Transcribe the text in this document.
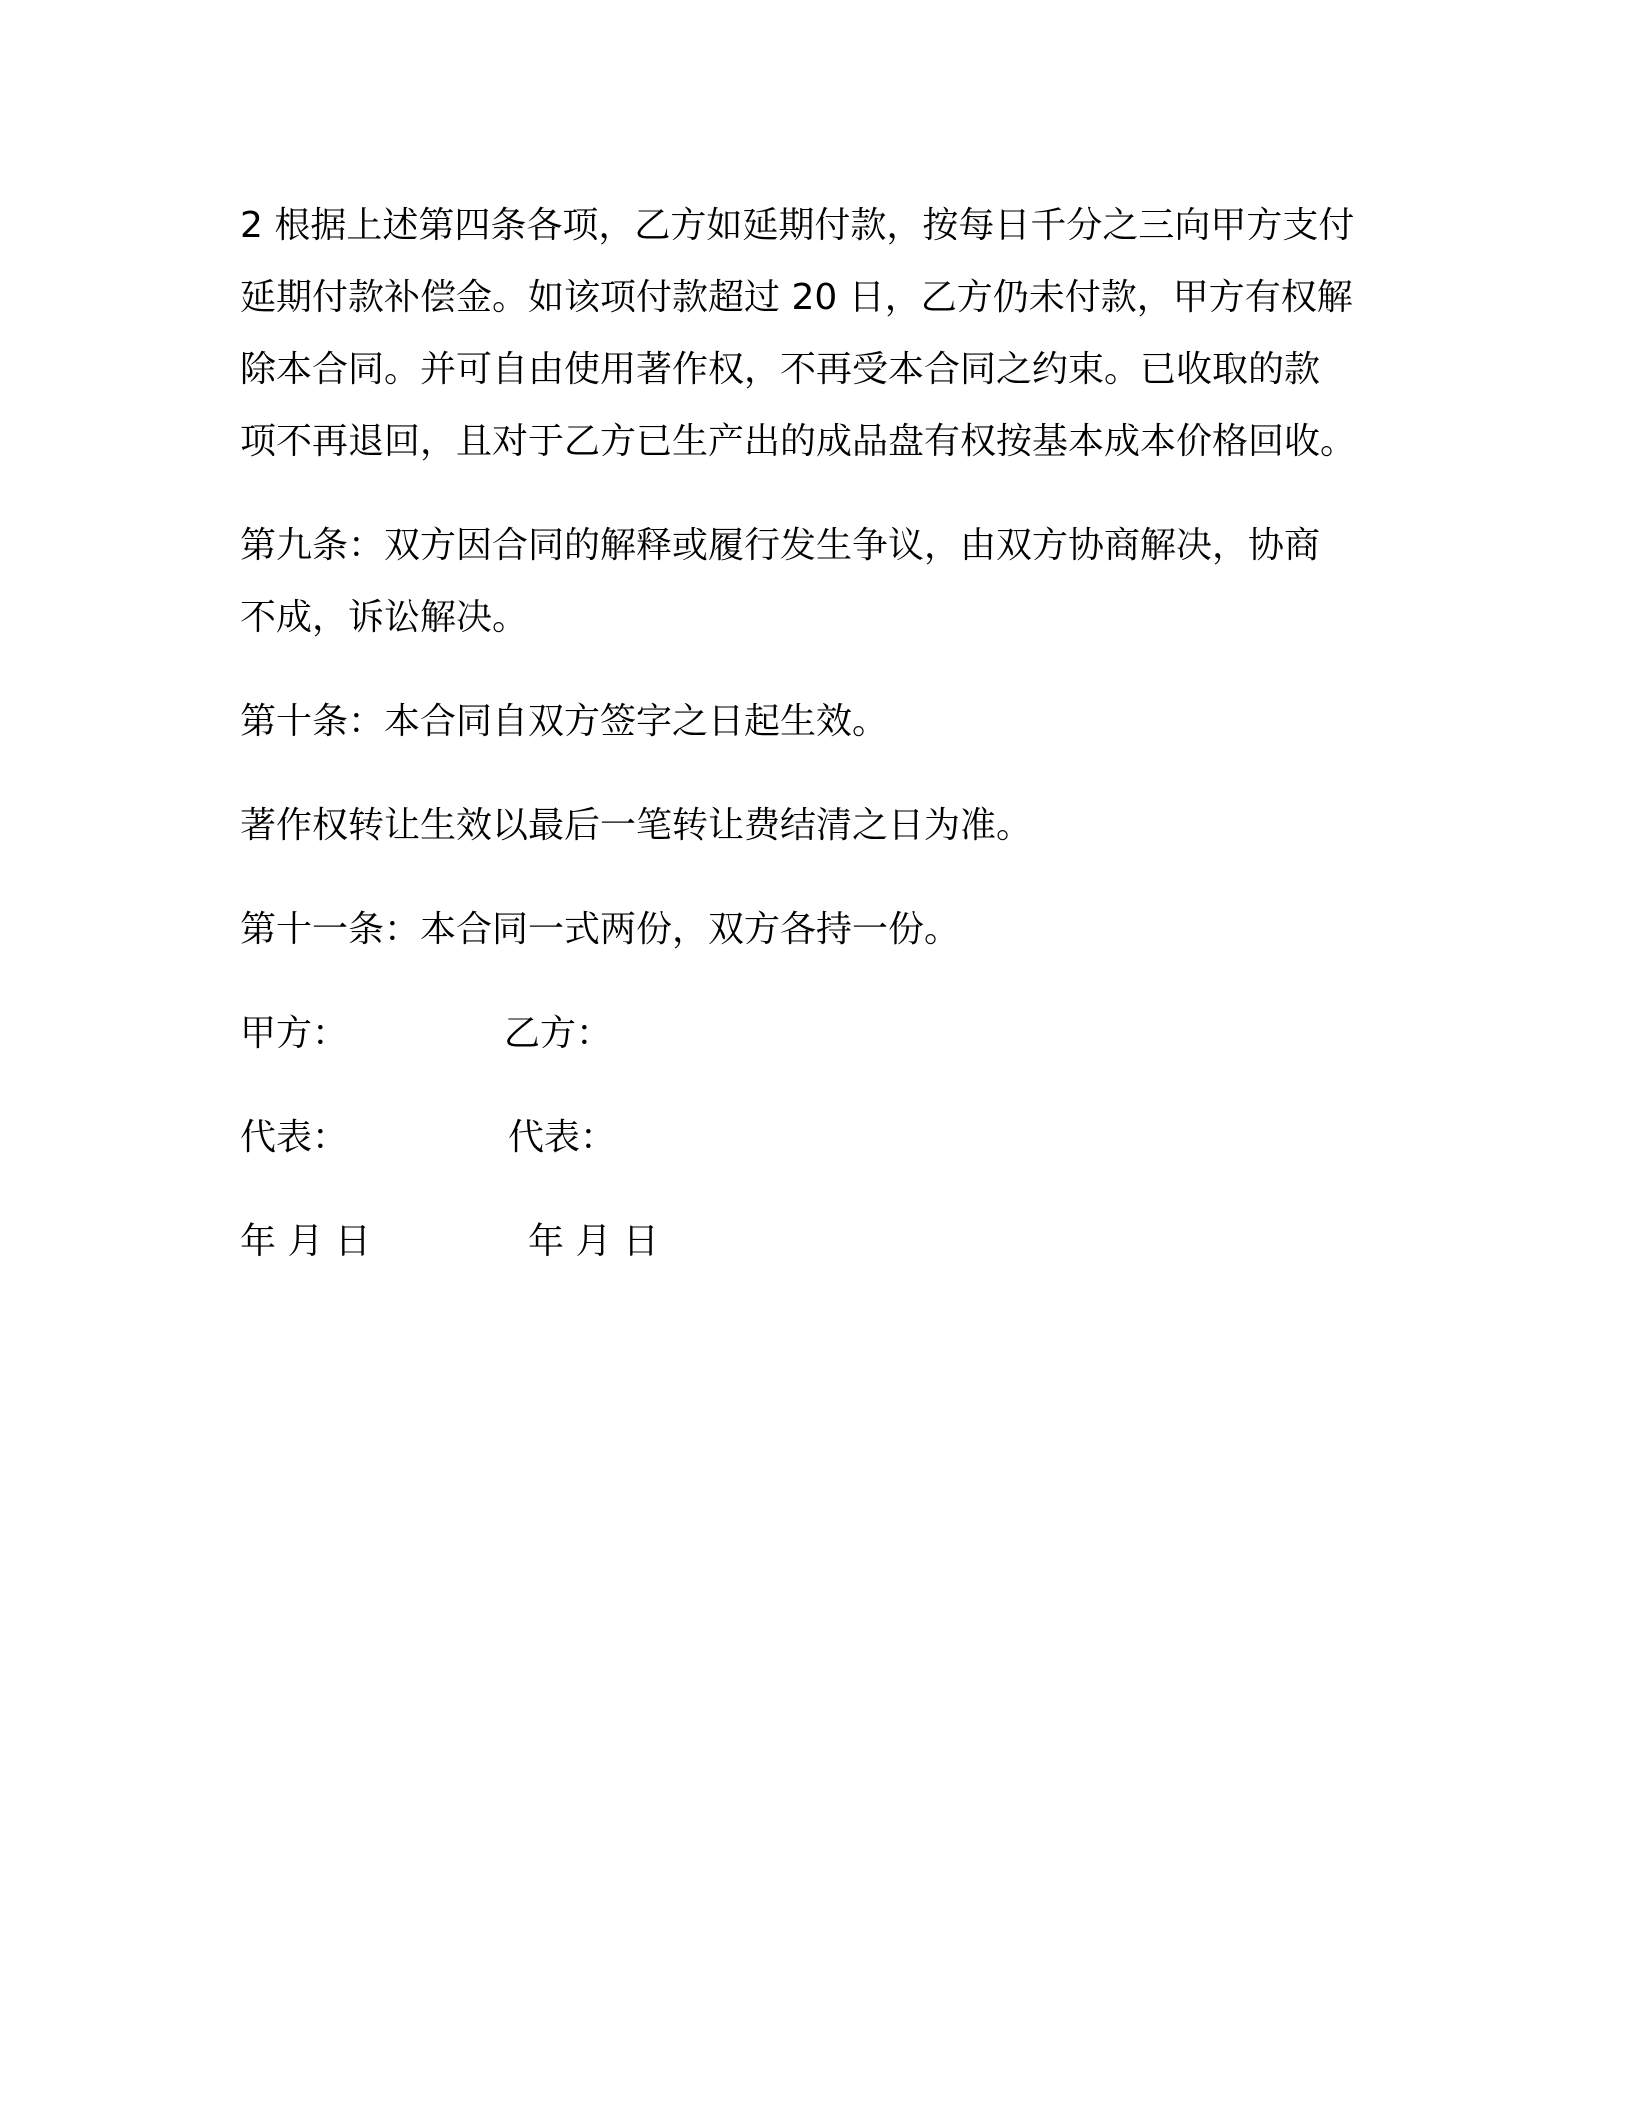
2 根据上述第四条各项，乙方如延期付款，按每日千分之三向甲方支付
延期付款补偿金。如该项付款超过 20 日，乙方仍未付款，甲方有权解
除本合同。并可自由使用著作权，不再受本合同之约束。已收取的款
项不再退回，且对于乙方已生产出的成品盘有权按基本成本价格回收。

第九条：双方因合同的解释或履行发生争议，由双方协商解决，协商
不成，诉讼解决。

第十条：本合同自双方签字之日起生效。

著作权转让生效以最后一笔转让费结清之日为准。

第十一条：本合同一式两份，双方各持一份。

甲方：	乙方：
代表：	代表：
年 月 日	年 月 日
